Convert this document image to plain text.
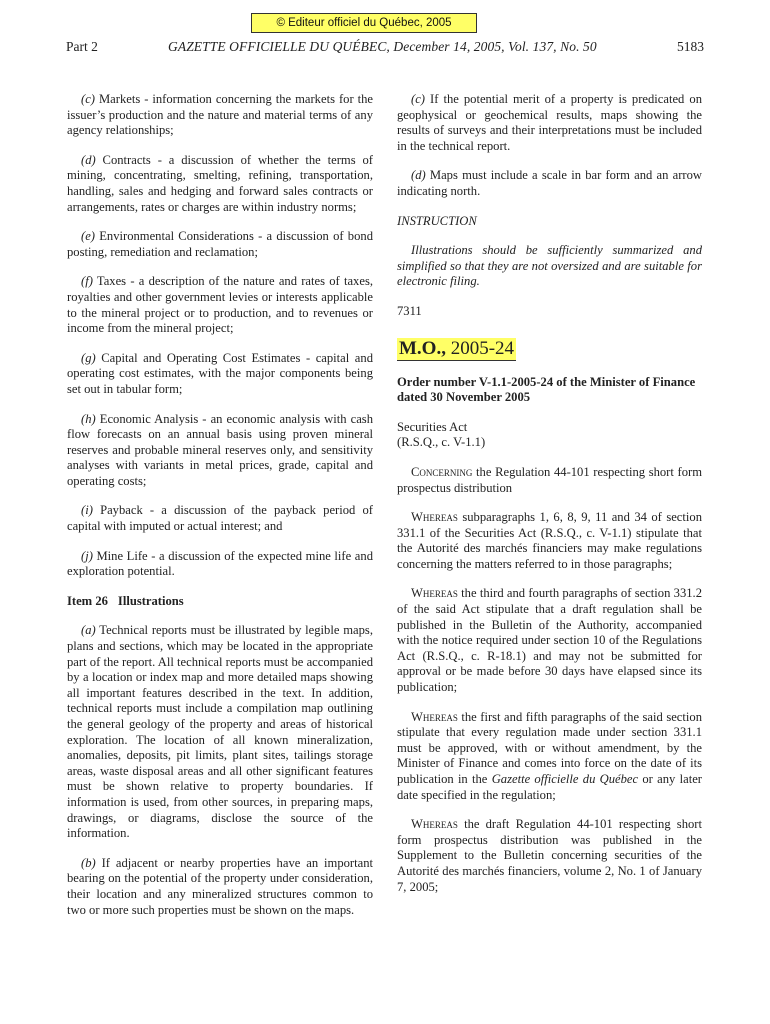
© Editeur officiel du Québec, 2005
Part 2	GAZETTE OFFICIELLE DU QUÉBEC, December 14, 2005, Vol. 137, No. 50	5183

(c) Markets - information concerning the markets for the issuer’s production and the nature and material terms of any agency relationships;

(d) Contracts - a discussion of whether the terms of mining, concentrating, smelting, refining, transportation, handling, sales and hedging and forward sales contracts or arrangements, rates or charges are within industry norms;

(e) Environmental Considerations - a discussion of bond posting, remediation and reclamation;

(f) Taxes - a description of the nature and rates of taxes, royalties and other government levies or interests applicable to the mineral project or to production, and to revenues or income from the mineral project;

(g) Capital and Operating Cost Estimates - capital and operating cost estimates, with the major components being set out in tabular form;

(h) Economic Analysis - an economic analysis with cash flow forecasts on an annual basis using proven mineral reserves and probable mineral reserves only, and sensitivity analyses with variants in metal prices, grade, capital and operating costs;

(i) Payback - a discussion of the payback period of capital with imputed or actual interest; and

(j) Mine Life - a discussion of the expected mine life and exploration potential.

Item 26 Illustrations

(a) Technical reports must be illustrated by legible maps, plans and sections, which may be located in the appropriate part of the report. All technical reports must be accompanied by a location or index map and more detailed maps showing all important features described in the text. In addition, technical reports must include a compilation map outlining the general geology of the property and areas of historical exploration. The location of all known mineralization, anomalies, deposits, pit limits, plant sites, tailings storage areas, waste disposal areas and all other significant features must be shown relative to property boundaries. If information is used, from other sources, in preparing maps, drawings, or diagrams, disclose the source of the information.

(b) If adjacent or nearby properties have an important bearing on the potential of the property under consideration, their location and any mineralized structures common to two or more such properties must be shown on the maps.

(c) If the potential merit of a property is predicated on geophysical or geochemical results, maps showing the results of surveys and their interpretations must be included in the technical report.

(d) Maps must include a scale in bar form and an arrow indicating north.

INSTRUCTION

Illustrations should be sufficiently summarized and simplified so that they are not oversized and are suitable for electronic filing.

7311

M.O., 2005-24

Order number V-1.1-2005-24 of the Minister of Finance dated 30 November 2005

Securities Act
(R.S.Q., c. V-1.1)

Concerning the Regulation 44-101 respecting short form prospectus distribution

Whereas subparagraphs 1, 6, 8, 9, 11 and 34 of section 331.1 of the Securities Act (R.S.Q., c. V-1.1) stipulate that the Autorité des marchés financiers may make regulations concerning the matters referred to in those paragraphs;

Whereas the third and fourth paragraphs of section 331.2 of the said Act stipulate that a draft regulation shall be published in the Bulletin of the Authority, accompanied with the notice required under section 10 of the Regulations Act (R.S.Q., c. R-18.1) and may not be submitted for approval or be made before 30 days have elapsed since its publication;

Whereas the first and fifth paragraphs of the said section stipulate that every regulation made under section 331.1 must be approved, with or without amendment, by the Minister of Finance and comes into force on the date of its publication in the Gazette officielle du Québec or any later date specified in the regulation;

Whereas the draft Regulation 44-101 respecting short form prospectus distribution was published in the Supplement to the Bulletin concerning securities of the Autorité des marchés financiers, volume 2, No. 1 of January 7, 2005;
